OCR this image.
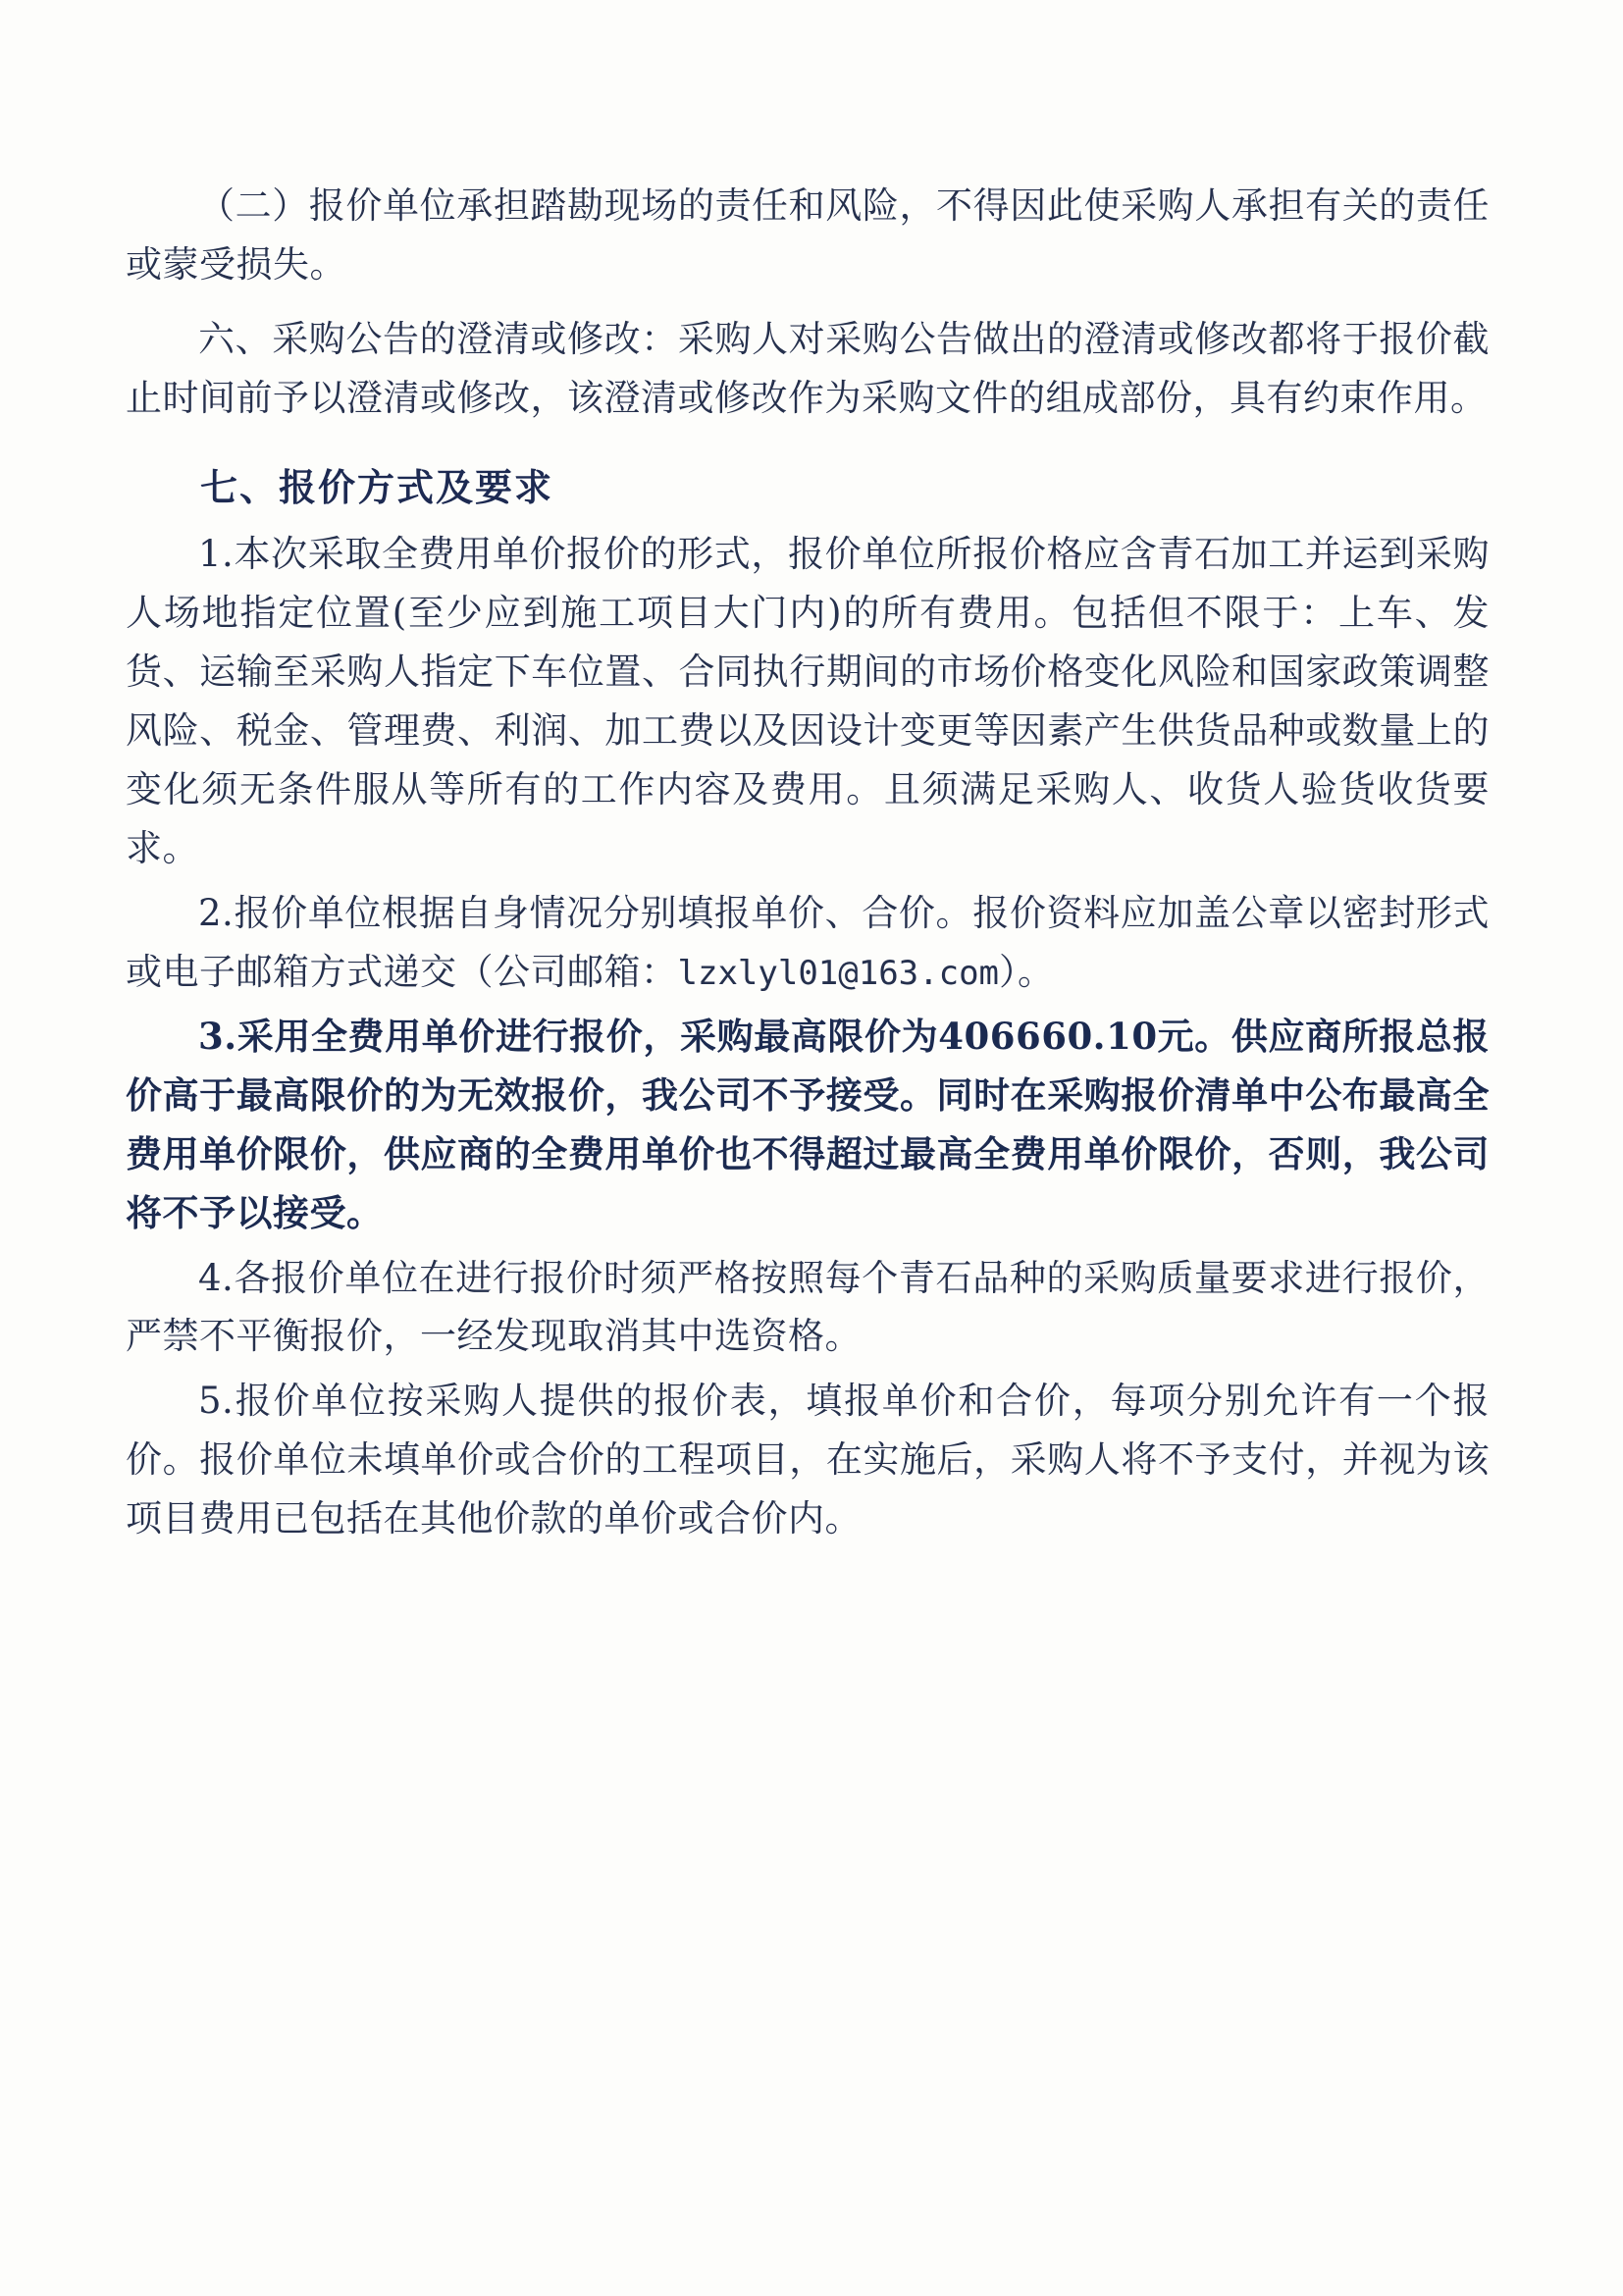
（二）报价单位承担踏勘现场的责任和风险，不得因此使采购人承担有关的责任或蒙受损失。

六、采购公告的澄清或修改：采购人对采购公告做出的澄清或修改都将于报价截止时间前予以澄清或修改，该澄清或修改作为采购文件的组成部份，具有约束作用。

七、报价方式及要求

1.本次采取全费用单价报价的形式，报价单位所报价格应含青石加工并运到采购人场地指定位置(至少应到施工项目大门内)的所有费用。包括但不限于：上车、发货、运输至采购人指定下车位置、合同执行期间的市场价格变化风险和国家政策调整风险、税金、管理费、利润、加工费以及因设计变更等因素产生供货品种或数量上的变化须无条件服从等所有的工作内容及费用。且须满足采购人、收货人验货收货要求。

2.报价单位根据自身情况分别填报单价、合价。报价资料应加盖公章以密封形式或电子邮箱方式递交（公司邮箱：lzxlyl01@163.com）。

3.采用全费用单价进行报价，采购最高限价为406660.10元。供应商所报总报价高于最高限价的为无效报价，我公司不予接受。同时在采购报价清单中公布最高全费用单价限价，供应商的全费用单价也不得超过最高全费用单价限价，否则，我公司将不予以接受。

4.各报价单位在进行报价时须严格按照每个青石品种的采购质量要求进行报价，严禁不平衡报价，一经发现取消其中选资格。

5.报价单位按采购人提供的报价表，填报单价和合价，每项分别允许有一个报价。报价单位未填单价或合价的工程项目，在实施后，采购人将不予支付，并视为该项目费用已包括在其他价款的单价或合价内。
